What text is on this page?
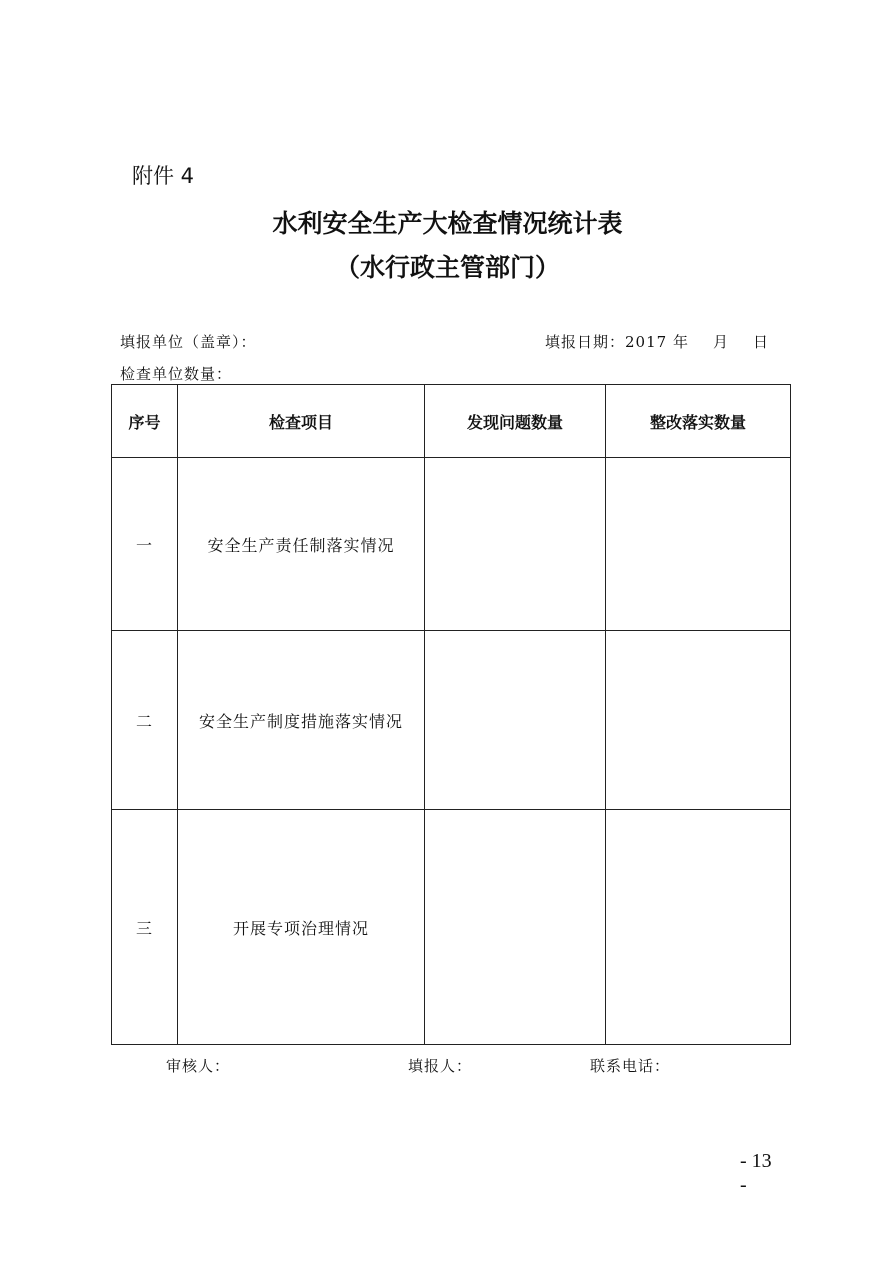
附件 4
水利安全生产大检查情况统计表
（水行政主管部门）
填报单位（盖章）：	填报日期：2017 年 月 日
检查单位数量：
序号	检查项目	发现问题数量	整改落实数量
一	安全生产责任制落实情况		
二	安全生产制度措施落实情况		
三	开展专项治理情况		
审核人：	填报人：	联系电话：
- 13
-
